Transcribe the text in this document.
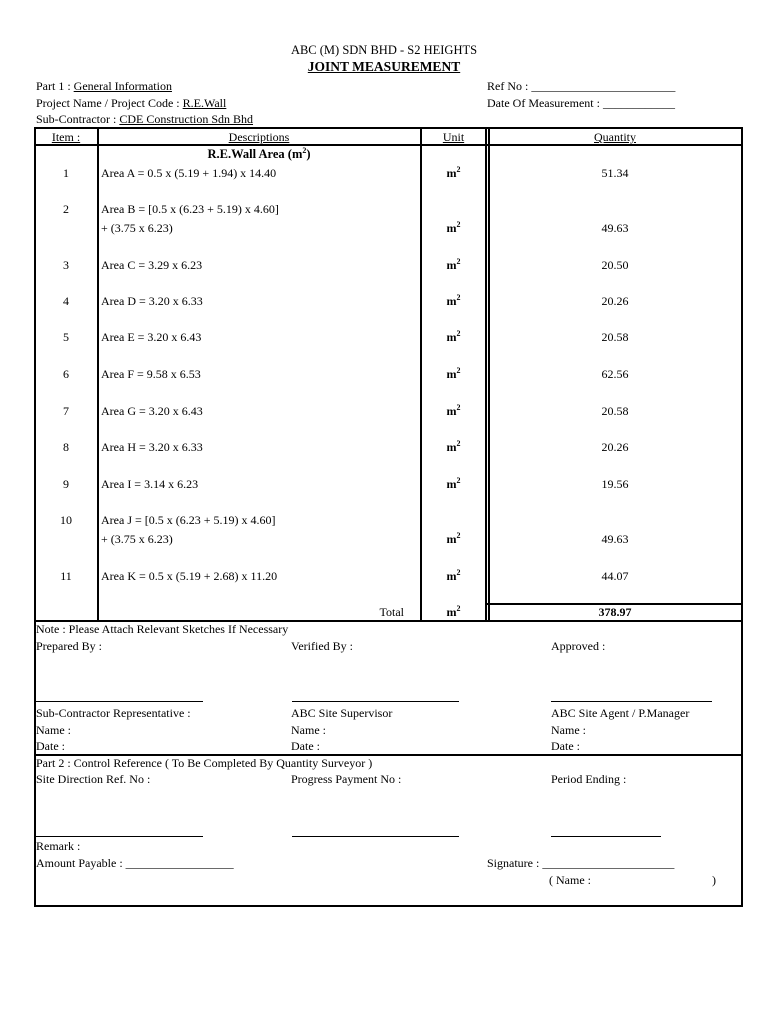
ABC (M) SDN BHD - S2 HEIGHTS
JOINT MEASUREMENT
Part 1 : General Information
Project Name / Project Code : R.E.Wall
Sub-Contractor : CDE Construction Sdn Bhd
Ref No : ________________________
Date Of Measurement : ____________
Item :	Descriptions	Unit	Quantity
R.E.Wall Area $(m^2)$
1	Area A = 0.5 x (5.19 + 1.94) x 14.40	$m^2$	51.34
2	Area B = [0.5 x (6.23 + 5.19) x 4.60]
+ (3.75 x 6.23)	$m^2$	49.63
3	Area C = 3.29 x 6.23	$m^2$	20.50
4	Area D = 3.20 x 6.33	$m^2$	20.26
5	Area E = 3.20 x 6.43	$m^2$	20.58
6	Area F = 9.58 x 6.53	$m^2$	62.56
7	Area G = 3.20 x 6.43	$m^2$	20.58
8	Area H = 3.20 x 6.33	$m^2$	20.26
9	Area I = 3.14 x 6.23	$m^2$	19.56
10	Area J = [0.5 x (6.23 + 5.19) x 4.60]
+ (3.75 x 6.23)	$m^2$	49.63
11	Area K = 0.5 x (5.19 + 2.68) x 11.20	$m^2$	44.07
Total	$m^2$	378.97
Note : Please Attach Relevant Sketches If Necessary
Prepared By :	Verified By :	Approved :
Sub-Contractor Representative :	ABC Site Supervisor	ABC Site Agent / P.Manager
Name :	Name :	Name :
Date :	Date :	Date :
Part 2 : Control Reference ( To Be Completed By Quantity Surveyor )
Site Direction Ref. No :	Progress Payment No :	Period Ending :
Remark :
Amount Payable : __________________	Signature : ______________________
( Name :	)
